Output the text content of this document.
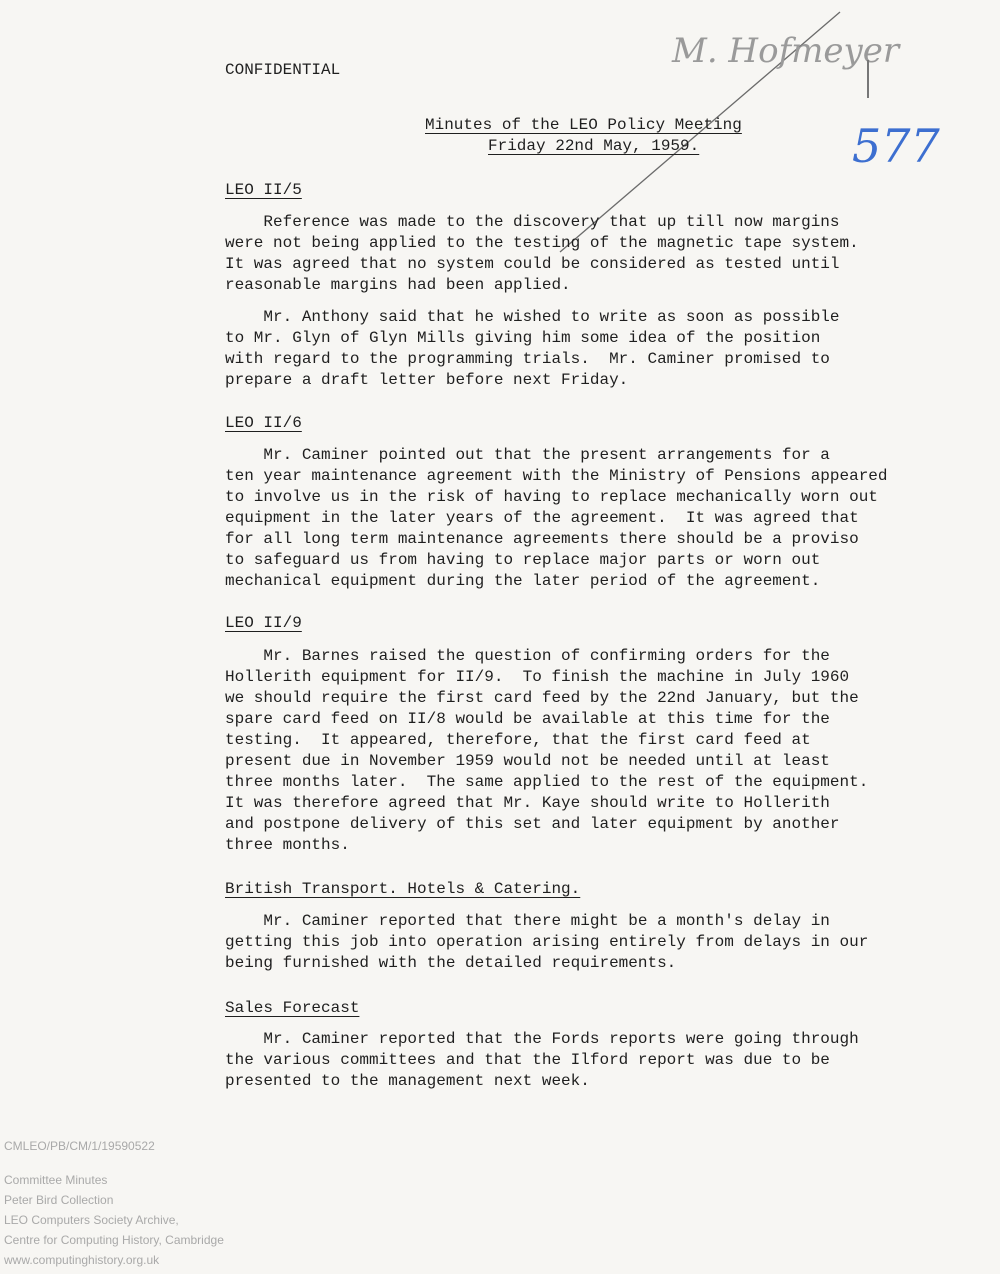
M. Hofmeyer
577
CONFIDENTIAL
Minutes of the LEO Policy Meeting
Friday 22nd May, 1959.
LEO II/5
Reference was made to the discovery that up till now margins
were not being applied to the testing of the magnetic tape system.
It was agreed that no system could be considered as tested until
reasonable margins had been applied.
Mr. Anthony said that he wished to write as soon as possible
to Mr. Glyn of Glyn Mills giving him some idea of the position
with regard to the programming trials.  Mr. Caminer promised to
prepare a draft letter before next Friday.
LEO II/6
Mr. Caminer pointed out that the present arrangements for a
ten year maintenance agreement with the Ministry of Pensions appeared
to involve us in the risk of having to replace mechanically worn out
equipment in the later years of the agreement.  It was agreed that
for all long term maintenance agreements there should be a proviso
to safeguard us from having to replace major parts or worn out
mechanical equipment during the later period of the agreement.
LEO II/9
Mr. Barnes raised the question of confirming orders for the
Hollerith equipment for II/9.  To finish the machine in July 1960
we should require the first card feed by the 22nd January, but the
spare card feed on II/8 would be available at this time for the
testing.  It appeared, therefore, that the first card feed at
present due in November 1959 would not be needed until at least
three months later.  The same applied to the rest of the equipment.
It was therefore agreed that Mr. Kaye should write to Hollerith
and postpone delivery of this set and later equipment by another
three months.
British Transport. Hotels & Catering.
Mr. Caminer reported that there might be a month's delay in
getting this job into operation arising entirely from delays in our
being furnished with the detailed requirements.
Sales Forecast
Mr. Caminer reported that the Fords reports were going through
the various committees and that the Ilford report was due to be
presented to the management next week.
CMLEO/PB/CM/1/19590522
Committee Minutes
Peter Bird Collection
LEO Computers Society Archive,
Centre for Computing History, Cambridge
www.computinghistory.org.uk
